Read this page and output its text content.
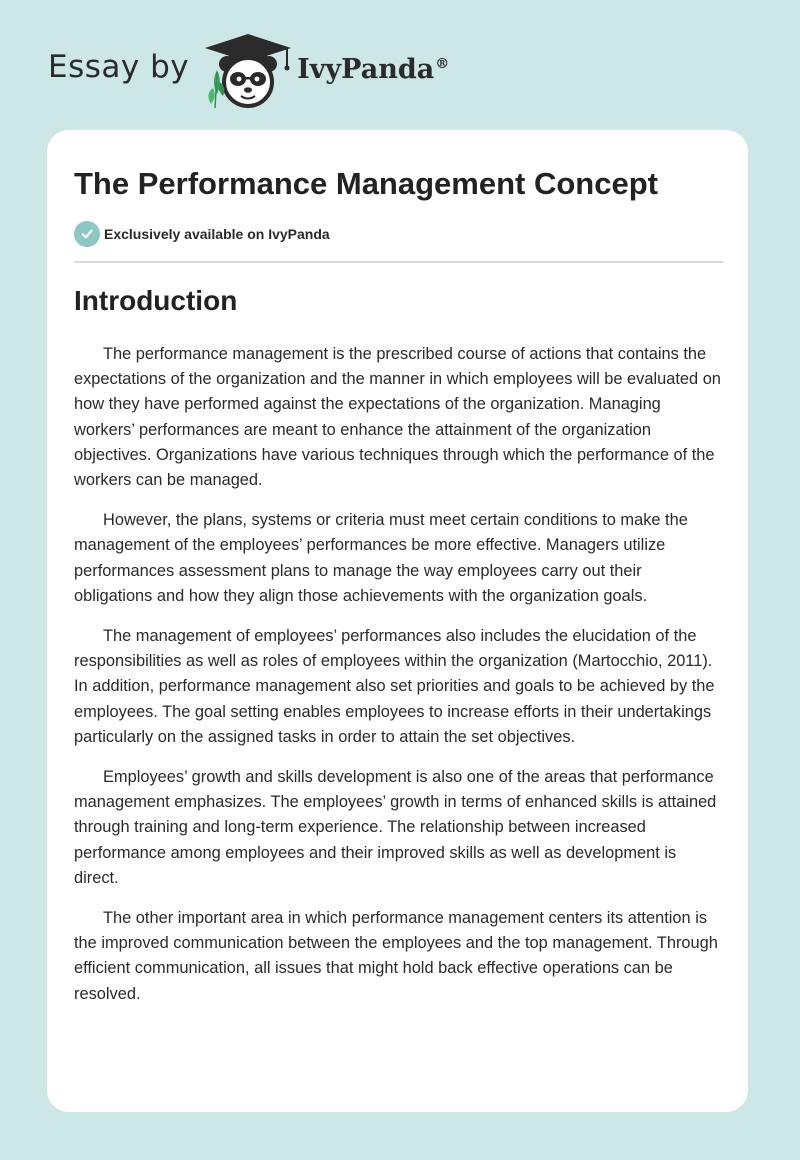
Essay by	IvyPanda®
The Performance Management Concept
Exclusively available on IvyPanda
Introduction

The performance management is the prescribed course of actions that contains the expectations of the organization and the manner in which employees will be evaluated on how they have performed against the expectations of the organization. Managing workers’ performances are meant to enhance the attainment of the organization objectives. Organizations have various techniques through which the performance of the workers can be managed.

However, the plans, systems or criteria must meet certain conditions to make the management of the employees’ performances be more effective. Managers utilize performances assessment plans to manage the way employees carry out their obligations and how they align those achievements with the organization goals.

The management of employees’ performances also includes the elucidation of the responsibilities as well as roles of employees within the organization (Martocchio, 2011). In addition, performance management also set priorities and goals to be achieved by the employees. The goal setting enables employees to increase efforts in their undertakings particularly on the assigned tasks in order to attain the set objectives.

Employees’ growth and skills development is also one of the areas that performance management emphasizes. The employees’ growth in terms of enhanced skills is attained through training and long-term experience. The relationship between increased performance among employees and their improved skills as well as development is direct.

The other important area in which performance management centers its attention is the improved communication between the employees and the top management. Through efficient communication, all issues that might hold back effective operations can be resolved.
